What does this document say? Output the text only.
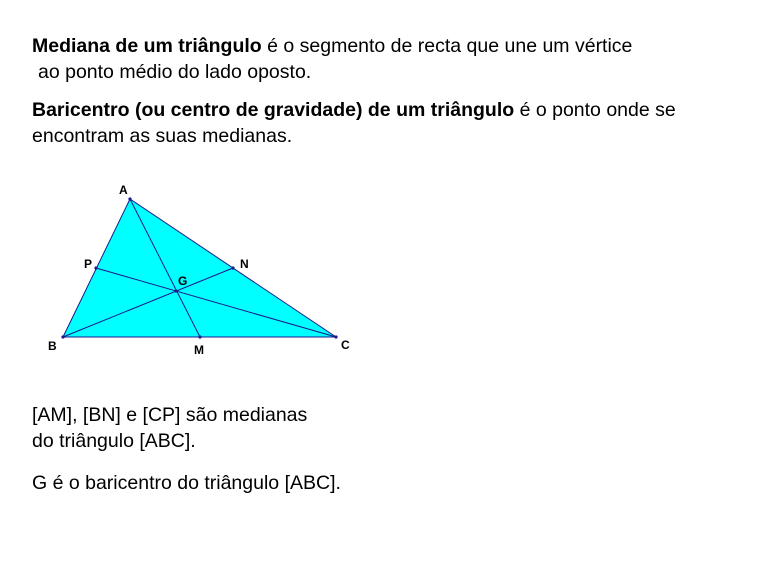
Mediana de um triângulo é o segmento de recta que une um vértice
ao ponto médio do lado oposto.

Baricentro (ou centro de gravidade) de um triângulo é o ponto onde se encontram as suas medianas.

A
B	C
M
N
P
G

[AM], [BN] e [CP] são medianas
do triângulo [ABC].

G é o baricentro do triângulo [ABC].
